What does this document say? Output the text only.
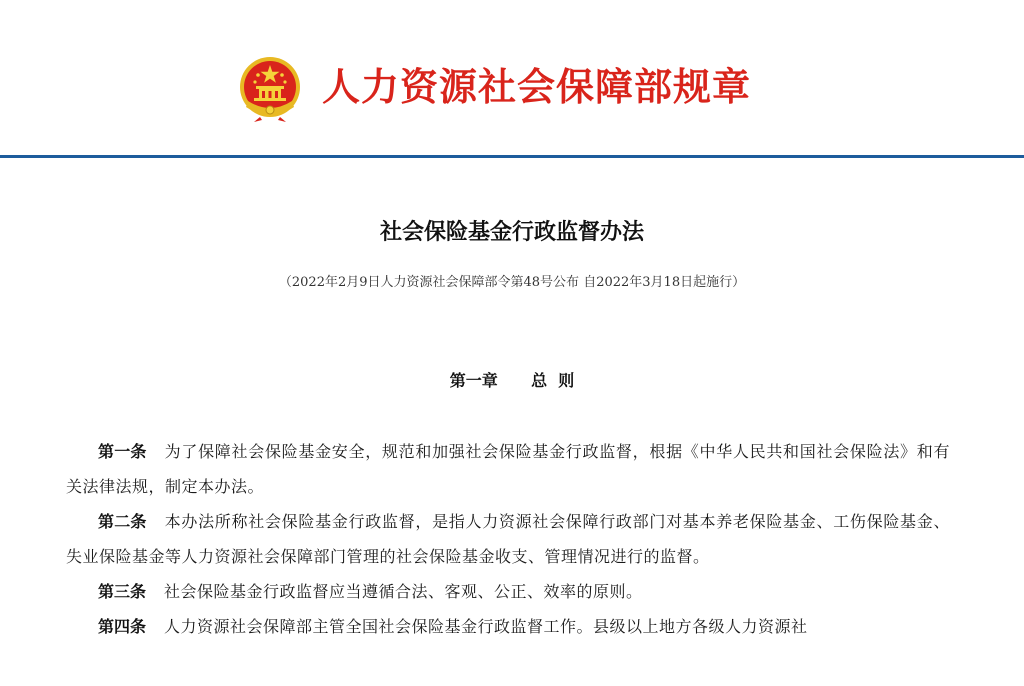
人力资源社会保障部规章
社会保险基金行政监督办法
（2022年2月9日人力资源社会保障部令第48号公布 自2022年3月18日起施行）
第一章      总  则

第一条 为了保障社会保险基金安全，规范和加强社会保险基金行政监督，根据《中华人民共和国社会保险法》和有关法律法规，制定本办法。

第二条 本办法所称社会保险基金行政监督，是指人力资源社会保障行政部门对基本养老保险基金、工伤保险基金、失业保险基金等人力资源社会保障部门管理的社会保险基金收支、管理情况进行的监督。

第三条 社会保险基金行政监督应当遵循合法、客观、公正、效率的原则。

第四条 人力资源社会保障部主管全国社会保险基金行政监督工作。县级以上地方各级人力资源社
